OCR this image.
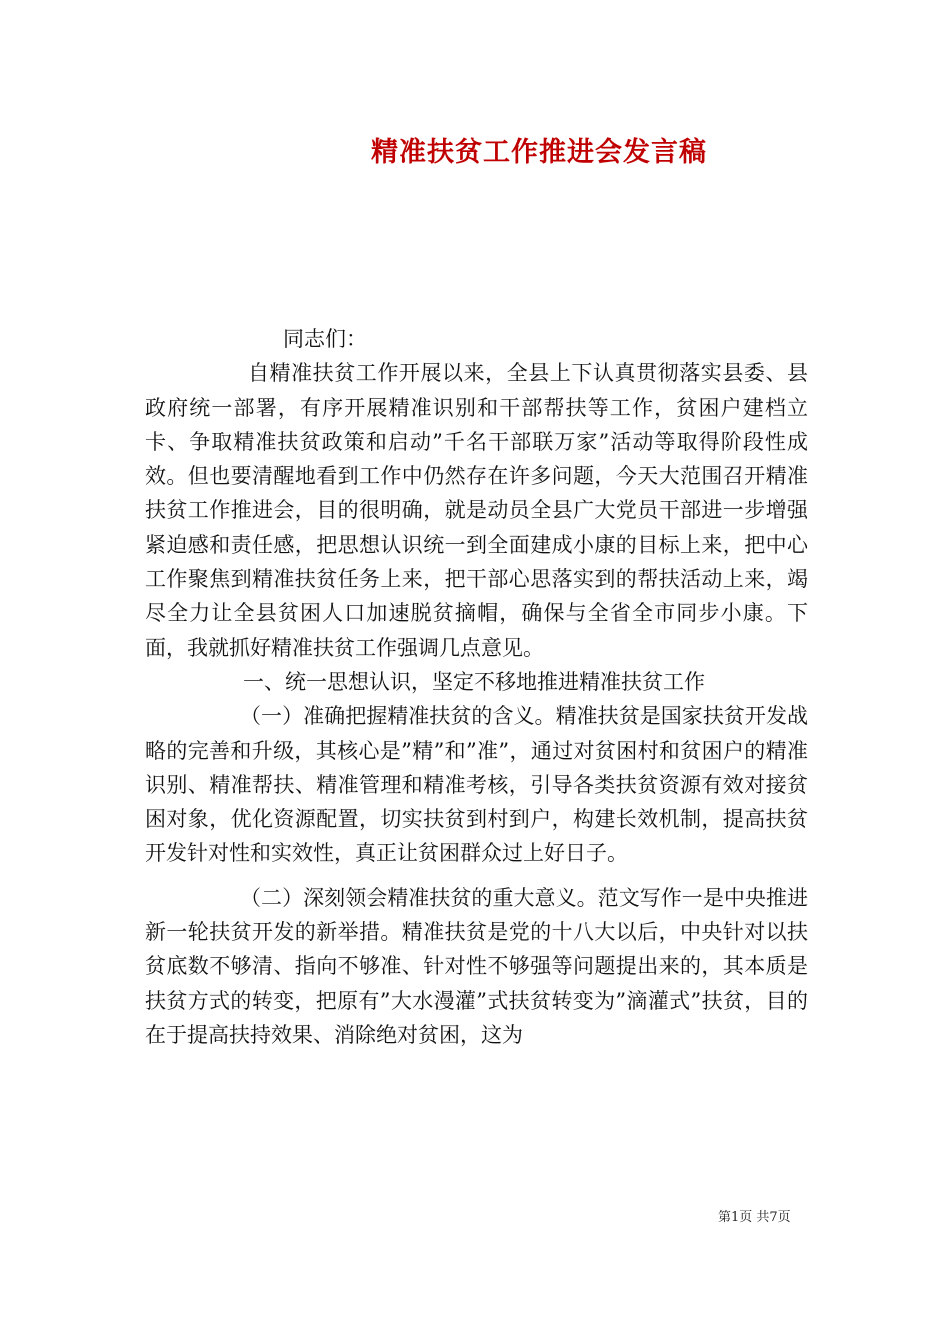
精准扶贫工作推进会发言稿

同志们：

自精准扶贫工作开展以来，全县上下认真贯彻落实县委、县政府统一部署，有序开展精准识别和干部帮扶等工作，贫困户建档立卡、争取精准扶贫政策和启动”千名干部联万家”活动等取得阶段性成效。但也要清醒地看到工作中仍然存在许多问题，今天大范围召开精准扶贫工作推进会，目的很明确，就是动员全县广大党员干部进一步增强紧迫感和责任感，把思想认识统一到全面建成小康的目标上来，把中心工作聚焦到精准扶贫任务上来，把干部心思落实到的帮扶活动上来，竭尽全力让全县贫困人口加速脱贫摘帽，确保与全省全市同步小康。下面，我就抓好精准扶贫工作强调几点意见。

一、统一思想认识，坚定不移地推进精准扶贫工作

（一）准确把握精准扶贫的含义。精准扶贫是国家扶贫开发战略的完善和升级，其核心是”精”和”准”，通过对贫困村和贫困户的精准识别、精准帮扶、精准管理和精准考核，引导各类扶贫资源有效对接贫困对象，优化资源配置，切实扶贫到村到户，构建长效机制，提高扶贫开发针对性和实效性，真正让贫困群众过上好日子。

（二）深刻领会精准扶贫的重大意义。范文写作一是中央推进新一轮扶贫开发的新举措。精准扶贫是党的十八大以后，中央针对以扶贫底数不够清、指向不够准、针对性不够强等问题提出来的，其本质是扶贫方式的转变，把原有”大水漫灌”式扶贫转变为”滴灌式”扶贫，目的在于提高扶持效果、消除绝对贫困，这为

第1页 共7页
